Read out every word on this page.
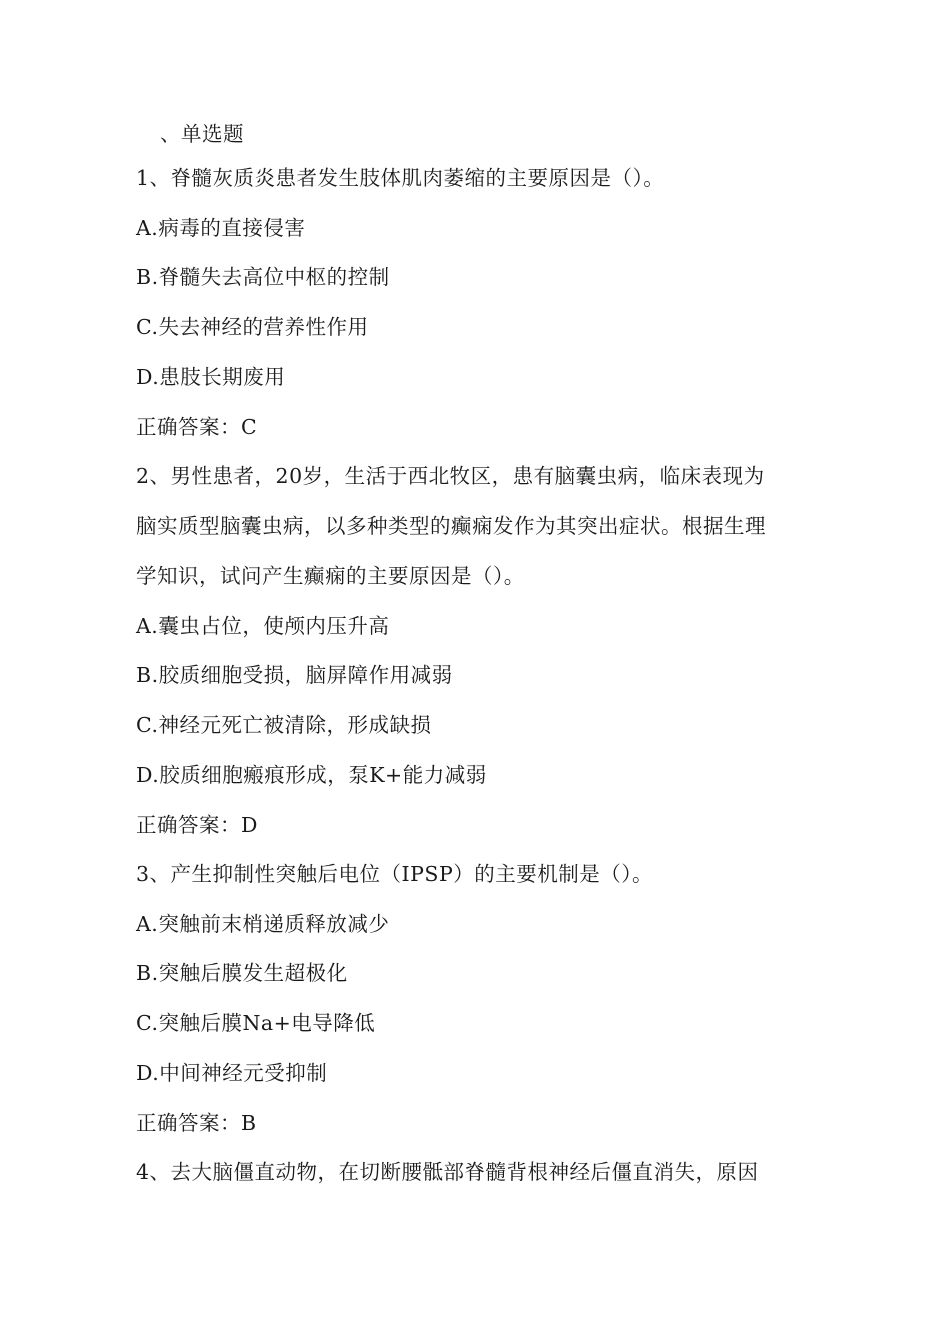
、单选题
1、脊髓灰质炎患者发生肢体肌肉萎缩的主要原因是（）。
A.病毒的直接侵害
B.脊髓失去高位中枢的控制
C.失去神经的营养性作用
D.患肢长期废用
正确答案：C
2、男性患者，20岁，生活于西北牧区，患有脑囊虫病，临床表现为
脑实质型脑囊虫病，以多种类型的癫痫发作为其突出症状。根据生理
学知识，试问产生癫痫的主要原因是（）。
A.囊虫占位，使颅内压升高
B.胶质细胞受损，脑屏障作用减弱
C.神经元死亡被清除，形成缺损
D.胶质细胞瘢痕形成，泵K+能力减弱
正确答案：D
3、产生抑制性突触后电位（IPSP）的主要机制是（）。
A.突触前末梢递质释放减少
B.突触后膜发生超极化
C.突触后膜Na+电导降低
D.中间神经元受抑制
正确答案：B
4、去大脑僵直动物，在切断腰骶部脊髓背根神经后僵直消失，原因
